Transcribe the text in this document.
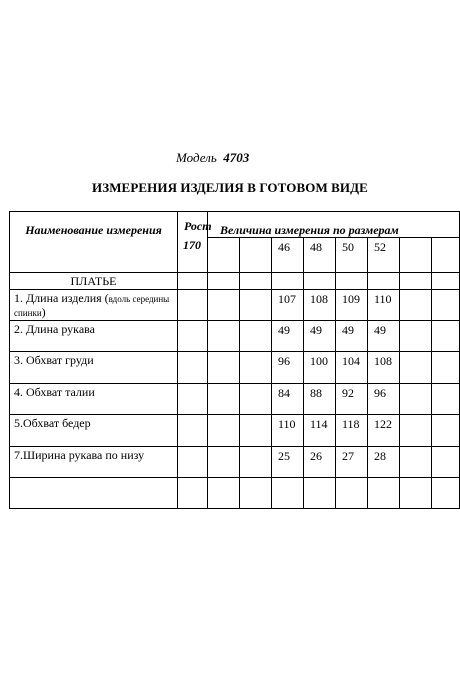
Модель 4703
ИЗМЕРЕНИЯ ИЗДЕЛИЯ В ГОТОВОМ ВИДЕ
Наименование измерения	Рост
170	Величина измерения по размерам							
				46	48	50	52		
ПЛАТЬЕ									
1. Длина изделия (вдоль середины спинки)				107	108	109	110		
2. Длина рукава				49	49	49	49		
3. Обхват груди				96	100	104	108		
4. Обхват талии				84	88	92	96		
5.Обхват бедер				110	114	118	122		
7.Ширина рукава по низу				25	26	27	28		
